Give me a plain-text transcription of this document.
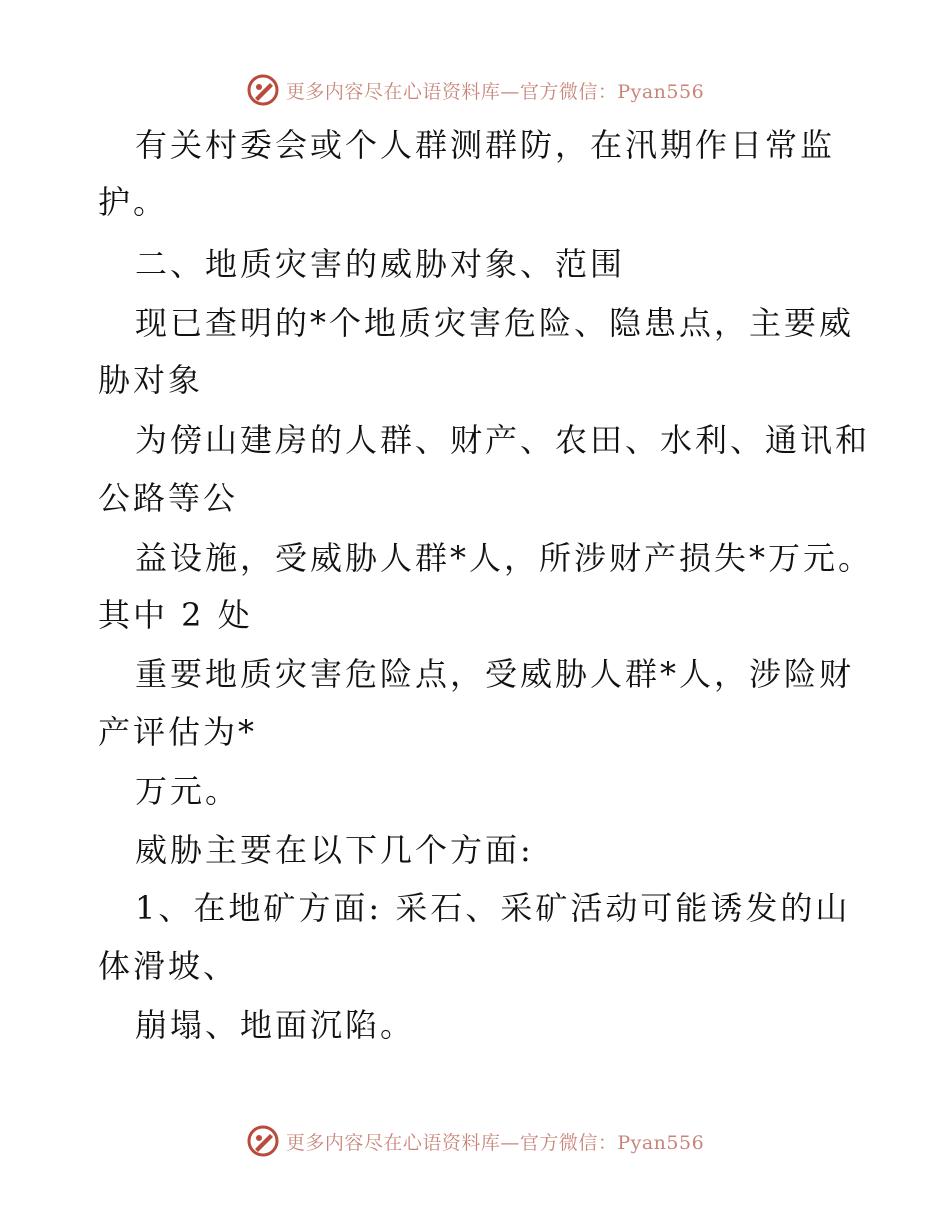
更多内容尽在心语资料库—官方微信：Pyan556
有关村委会或个人群测群防，在汛期作日常监
护。
二、地质灾害的威胁对象、范围
现已查明的*个地质灾害危险、隐患点，主要威
胁对象
为傍山建房的人群、财产、农田、水利、通讯和
公路等公
益设施，受威胁人群*人，所涉财产损失*万元。
其中 2 处
重要地质灾害危险点，受威胁人群*人，涉险财
产评估为*
万元。
威胁主要在以下几个方面:
1、在地矿方面: 采石、采矿活动可能诱发的山
体滑坡、
崩塌、地面沉陷。
更多内容尽在心语资料库—官方微信：Pyan556
